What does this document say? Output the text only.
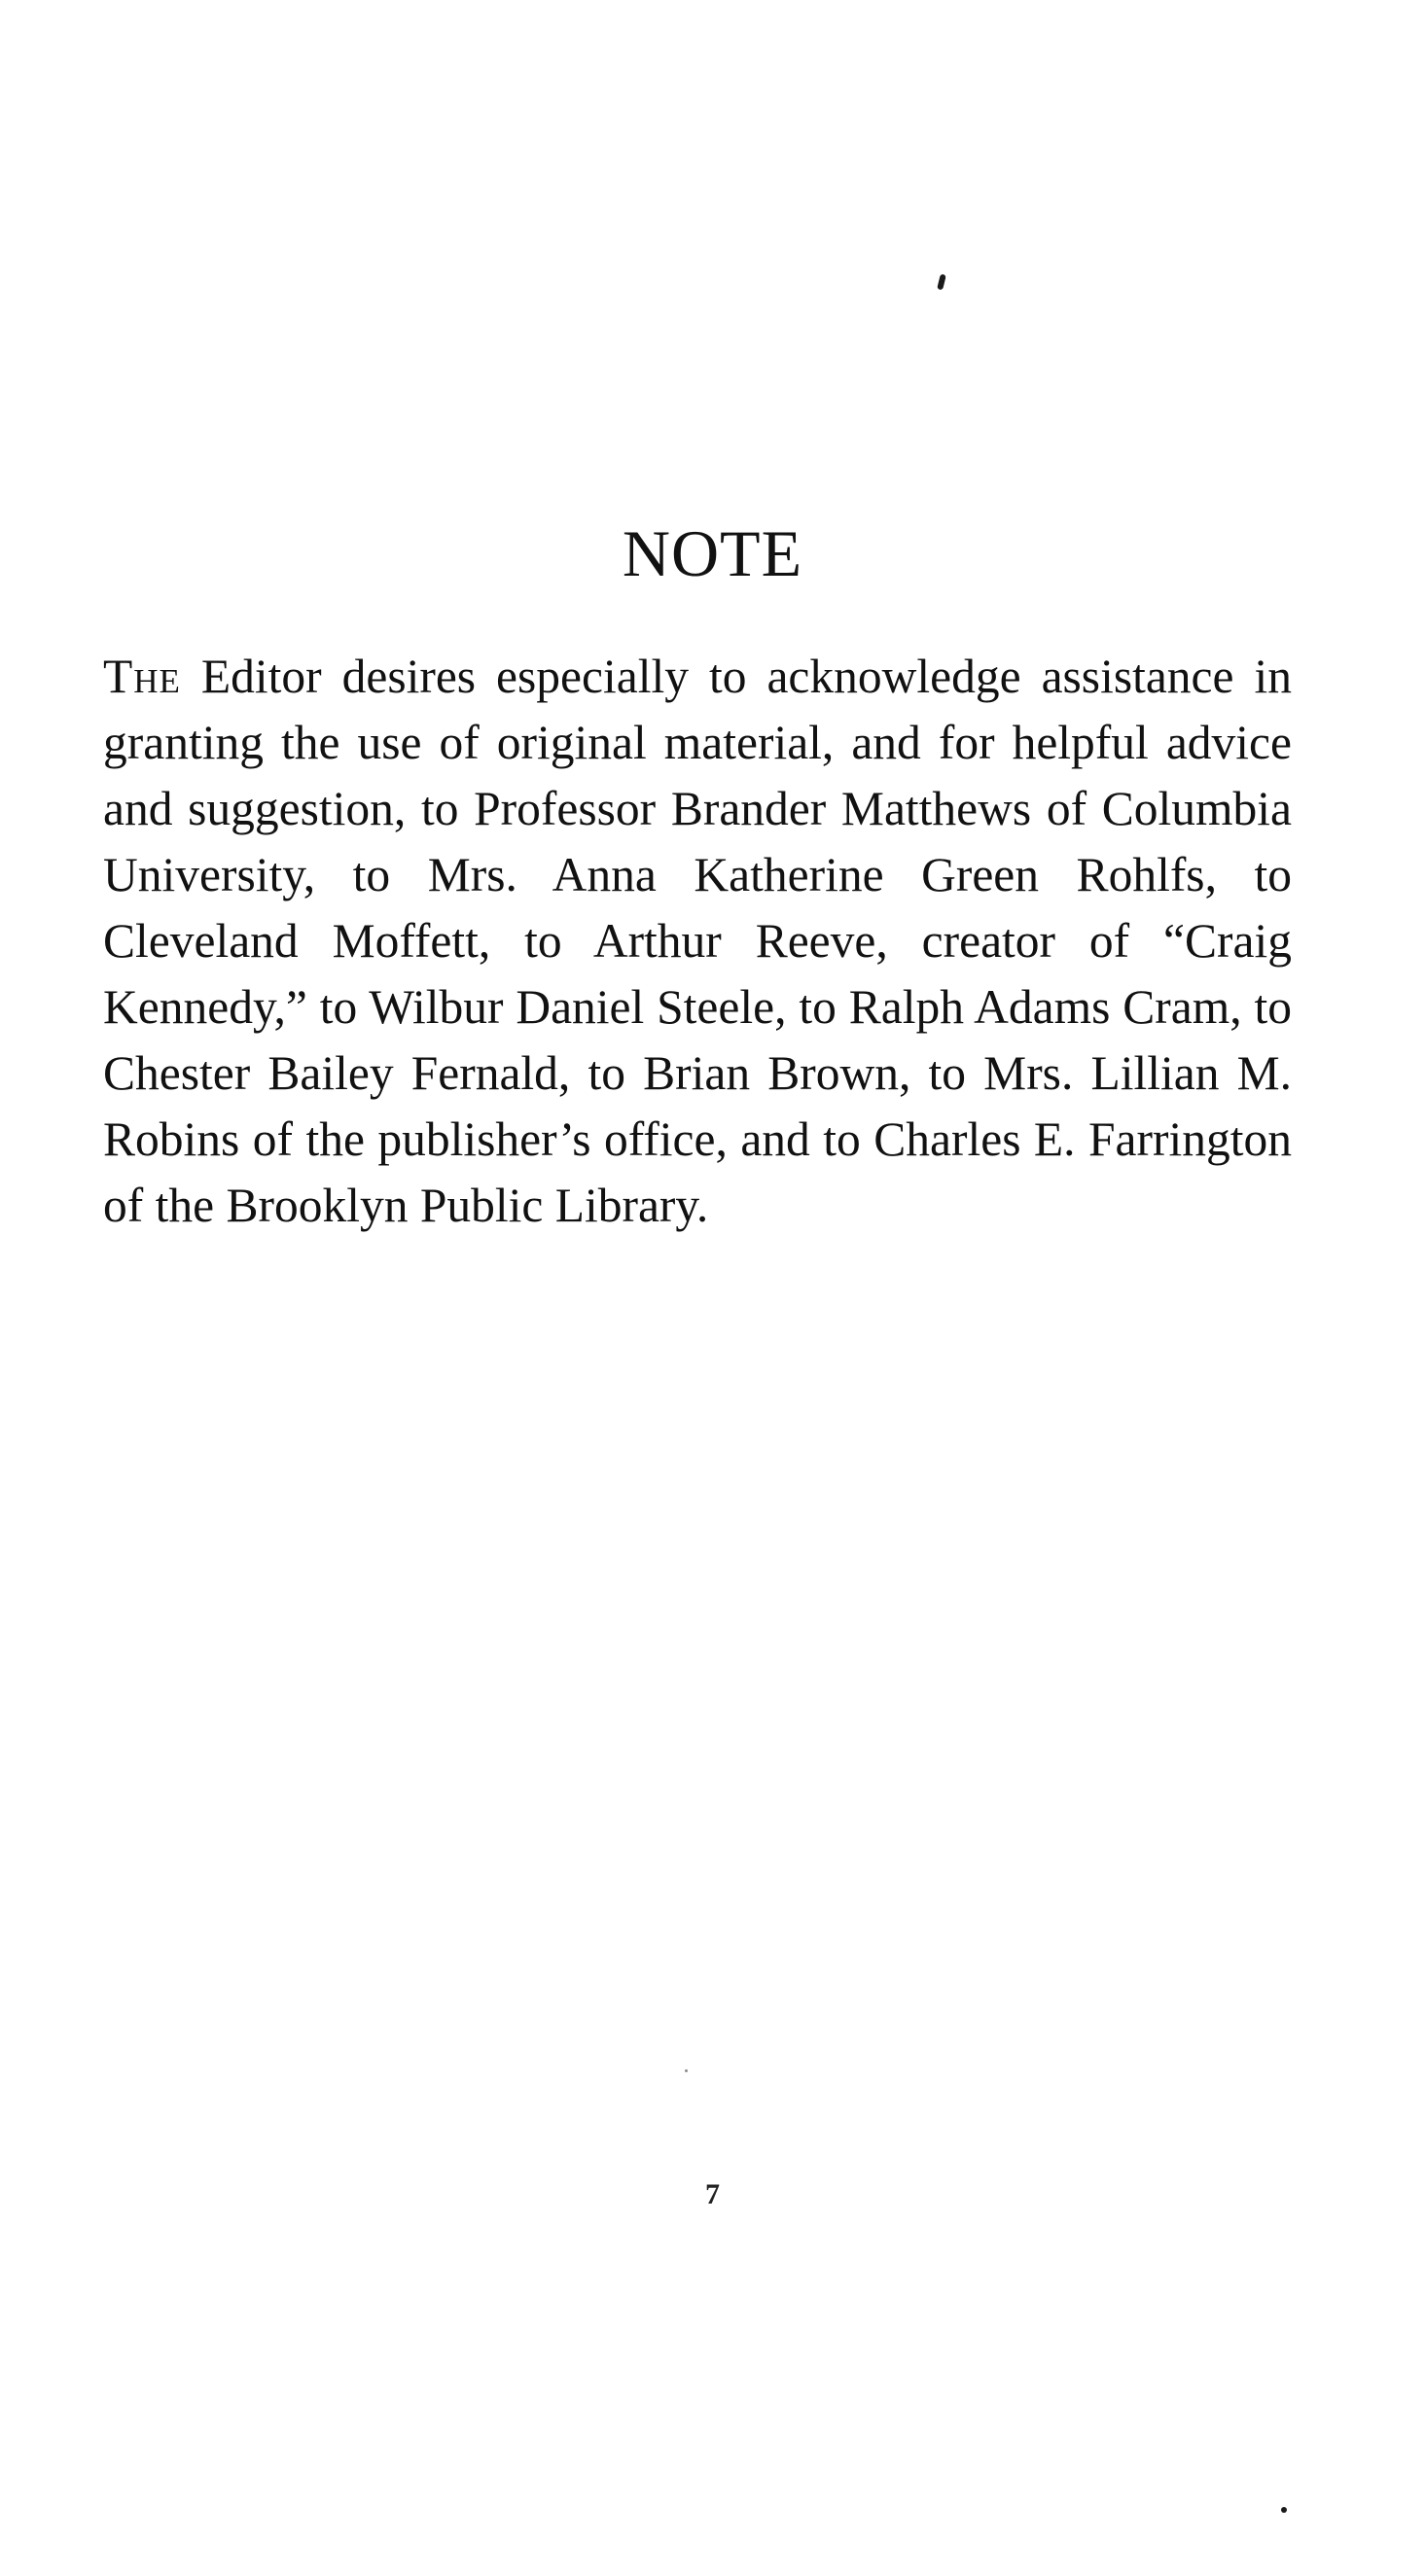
NOTE

The Editor desires especially to acknowledge assistance in granting the use of original material, and for helpful advice and suggestion, to Professor Brander Matthews of Columbia University, to Mrs. Anna Katherine Green Rohlfs, to Cleveland Moffett, to Arthur Reeve, creator of “Craig Kennedy,” to Wilbur Daniel Steele, to Ralph Adams Cram, to Chester Bailey Fernald, to Brian Brown, to Mrs. Lillian M. Robins of the publisher’s office, and to Charles E. Farrington of the Brooklyn Public Library.

7
